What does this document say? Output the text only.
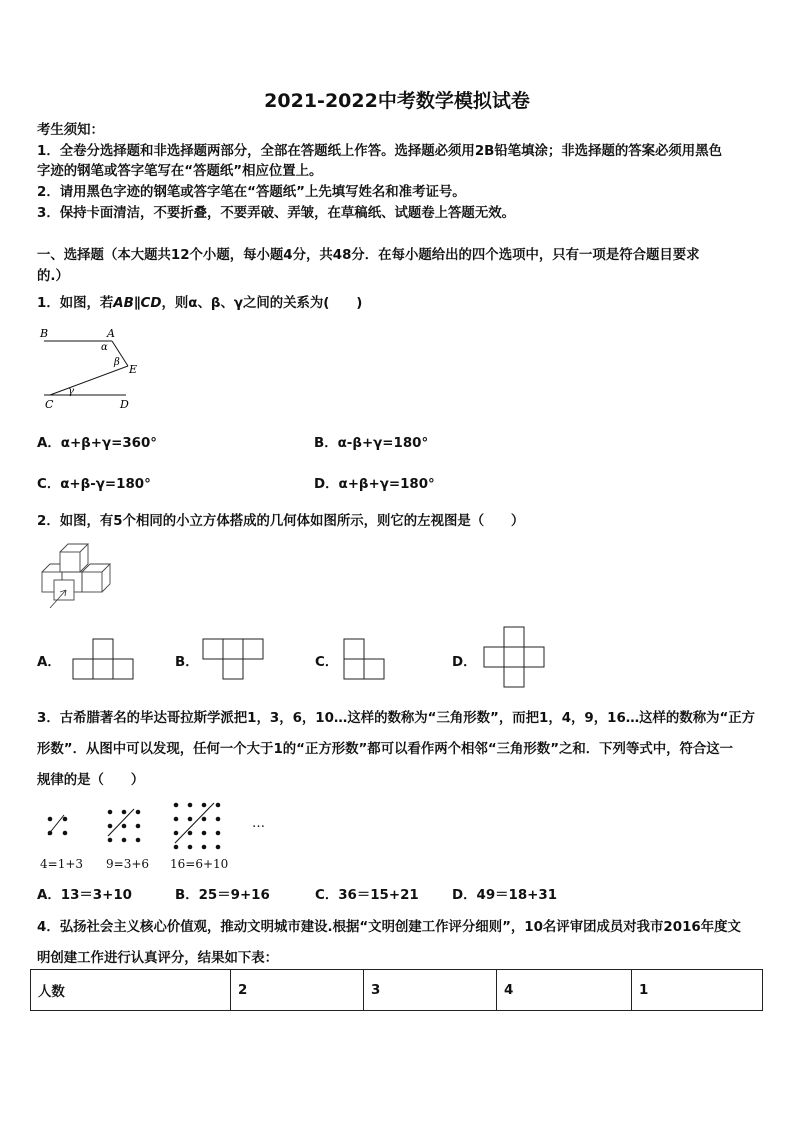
2021-2022中考数学模拟试卷
考生须知：
1．全卷分选择题和非选择题两部分，全部在答题纸上作答。选择题必须用2B铅笔填涂；非选择题的答案必须用黑色
字迹的钢笔或答字笔写在“答题纸”相应位置上。
2．请用黑色字迹的钢笔或答字笔在“答题纸”上先填写姓名和准考证号。
3．保持卡面清洁，不要折叠，不要弄破、弄皱，在草稿纸、试题卷上答题无效。
一、选择题（本大题共12个小题，每小题4分，共48分．在每小题给出的四个选项中，只有一项是符合题目要求
的.）
1．如图，若AB∥CD，则α、β、γ之间的关系为(　　)
B	A
E
C	D
α
β
γ
A．α+β+γ=360°	B．α-β+γ=180°
C．α+β-γ=180°	D．α+β+γ=180°
2．如图，有5个相同的小立方体搭成的几何体如图所示，则它的左视图是（　　）
A．	B．	C．	D．
3．古希腊著名的毕达哥拉斯学派把1，3，6，10…这样的数称为“三角形数”，而把1，4，9，16…这样的数称为“正方
形数”．从图中可以发现，任何一个大于1的“正方形数”都可以看作两个相邻“三角形数”之和．下列等式中，符合这一
规律的是（　　）
…
4=1+3 9=3+6 16=6+10
A．13＝3+10	B．25＝9+16	C．36＝15+21 D．49＝18+31
4．弘扬社会主义核心价值观，推动文明城市建设.根据“文明创建工作评分细则”，10名评审团成员对我市2016年度文
明创建工作进行认真评分，结果如下表：
人数	2	3	4	1
